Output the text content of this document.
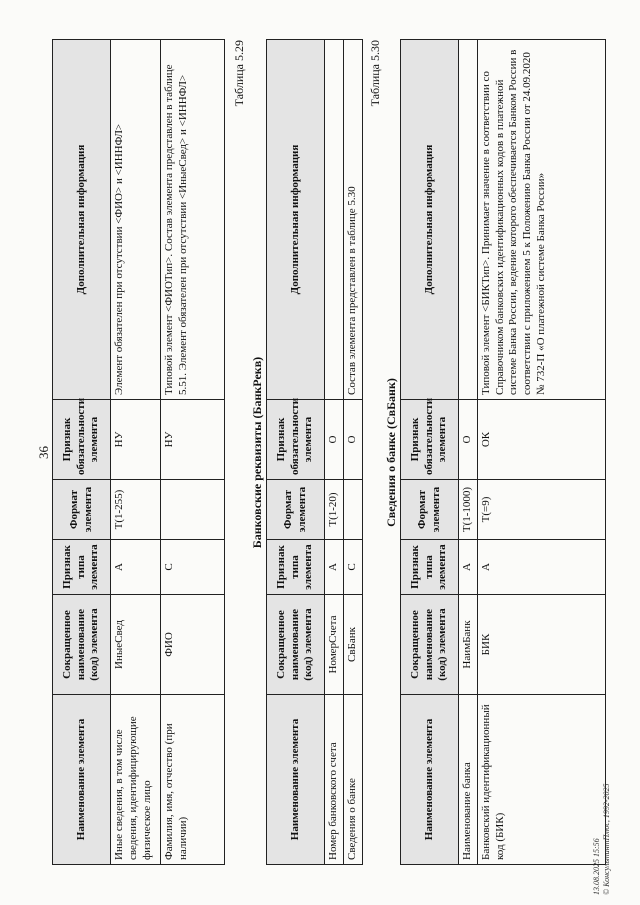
36
Наименование элемента	Сокращенное наименование (код) элемента	Признак типа элемента	Формат элемента	Признак обязательности элемента	Дополнительная информация
Иные сведения, в том числе сведения, идентифицирующие физическое лицо	ИныеСвед	А	Т(1-255)	НУ	Элемент обязателен при отсутствии <ФИО> и <ИННФЛ>
Фамилия, имя, отчество (при наличии)	ФИО	С		НУ	Типовой элемент <ФИОТип>. Состав элемента представлен в таблице 5.51. Элемент обязателен при отсутствии <ИныеСвед> и <ИННФЛ>
Таблица 5.29
Банковские реквизиты (БанкРекв)
Наименование элемента	Сокращенное наименование (код) элемента	Признак типа элемента	Формат элемента	Признак обязательности элемента	Дополнительная информация
Номер банковского счета	НомерСчета	А	Т(1-20)	О	
Сведения о банке	СвБанк	С		О	Состав элемента представлен в таблице 5.30
Таблица 5.30
Сведения о банке (СвБанк)
Наименование элемента	Сокращенное наименование (код) элемента	Признак типа элемента	Формат элемента	Признак обязательности элемента	Дополнительная информация
Наименование банка	НаимБанк	А	Т(1-1000)	О	
Банковский идентификационный код (БИК)	БИК	А	Т(=9)	ОК	Типовой элемент <БИКТип>. Принимает значение в соответствии со Справочником банковских идентификационных кодов в платежной системе Банка России, ведение которого обеспечивается Банком России в соответствии с приложением 5 к Положению Банка России от 24.09.2020 № 732-П «О платежной системе Банка России»
13.08.2025 15:56 © КонсультантПлюс, 1992-2025
